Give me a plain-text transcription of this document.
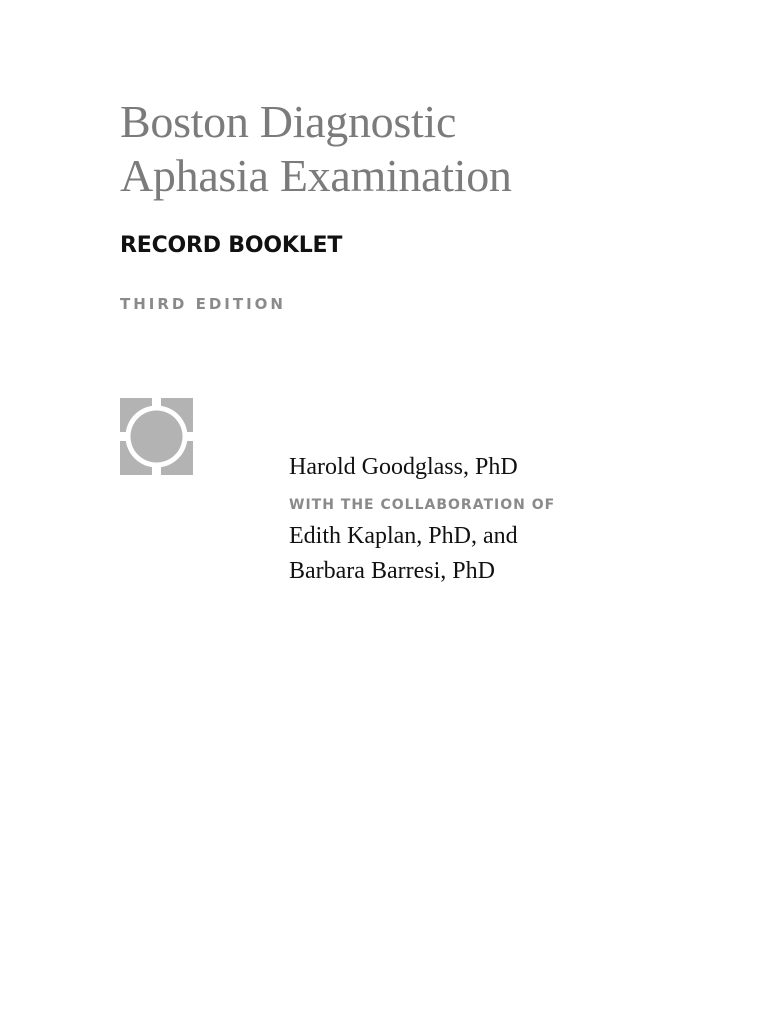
Boston Diagnostic
Aphasia Examination
RECORD BOOKLET
THIRD EDITION
Harold Goodglass, PhD
WITH THE COLLABORATION OF
Edith Kaplan, PhD, and
Barbara Barresi, PhD
